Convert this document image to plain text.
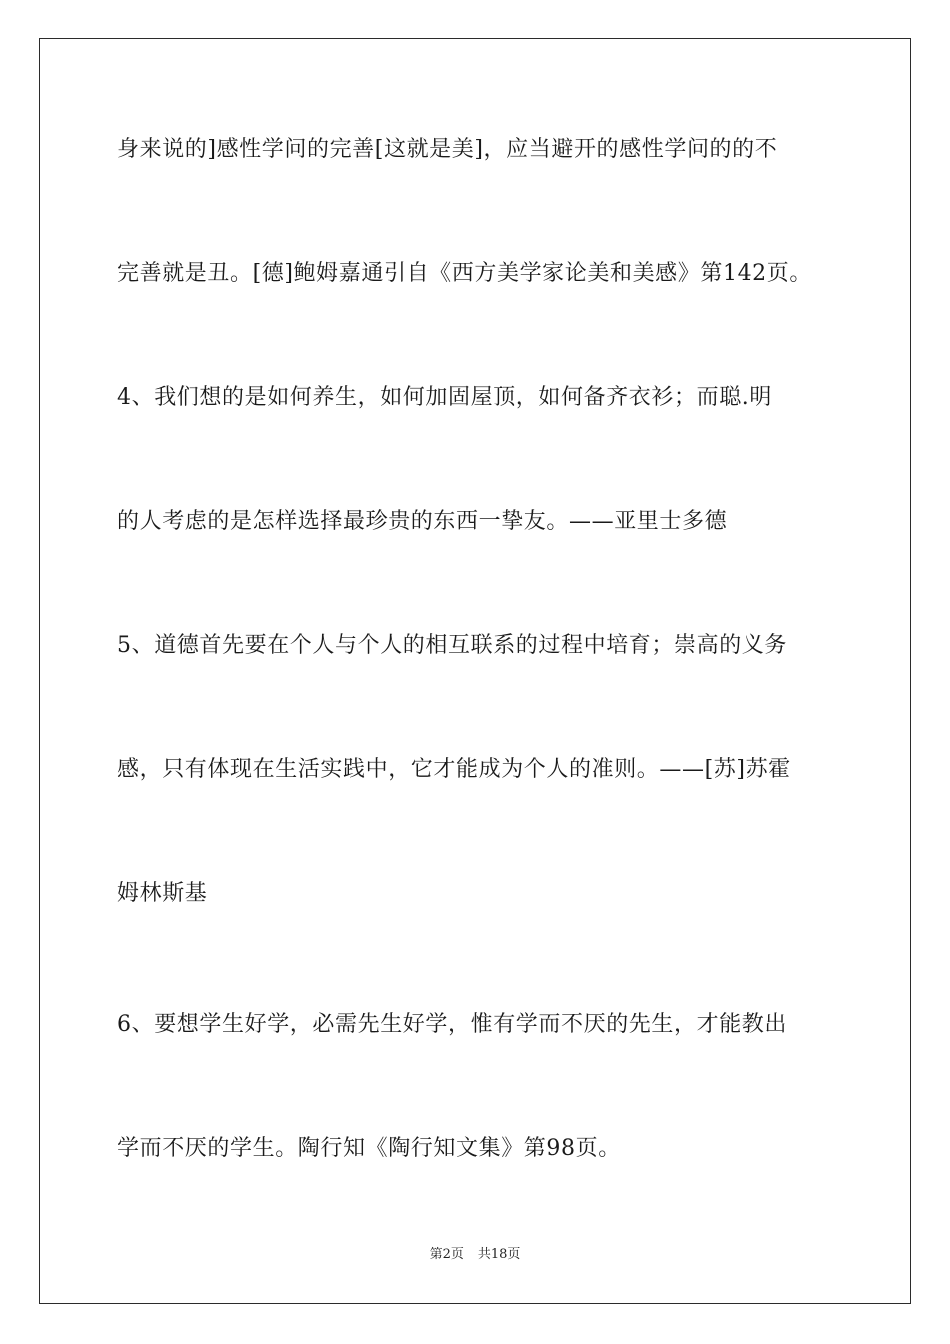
身来说的]感性学问的完善[这就是美]，应当避开的感性学问的的不
完善就是丑。[德]鲍姆嘉通引自《西方美学家论美和美感》第142页。
4、我们想的是如何养生，如何加固屋顶，如何备齐衣衫；而聪.明
的人考虑的是怎样选择最珍贵的东西一挚友。——亚里士多德
5、道德首先要在个人与个人的相互联系的过程中培育；崇高的义务
感，只有体现在生活实践中，它才能成为个人的准则。——[苏]苏霍
姆林斯基
6、要想学生好学，必需先生好学，惟有学而不厌的先生，才能教出
学而不厌的学生。陶行知《陶行知文集》第98页。
第2页 共18页
